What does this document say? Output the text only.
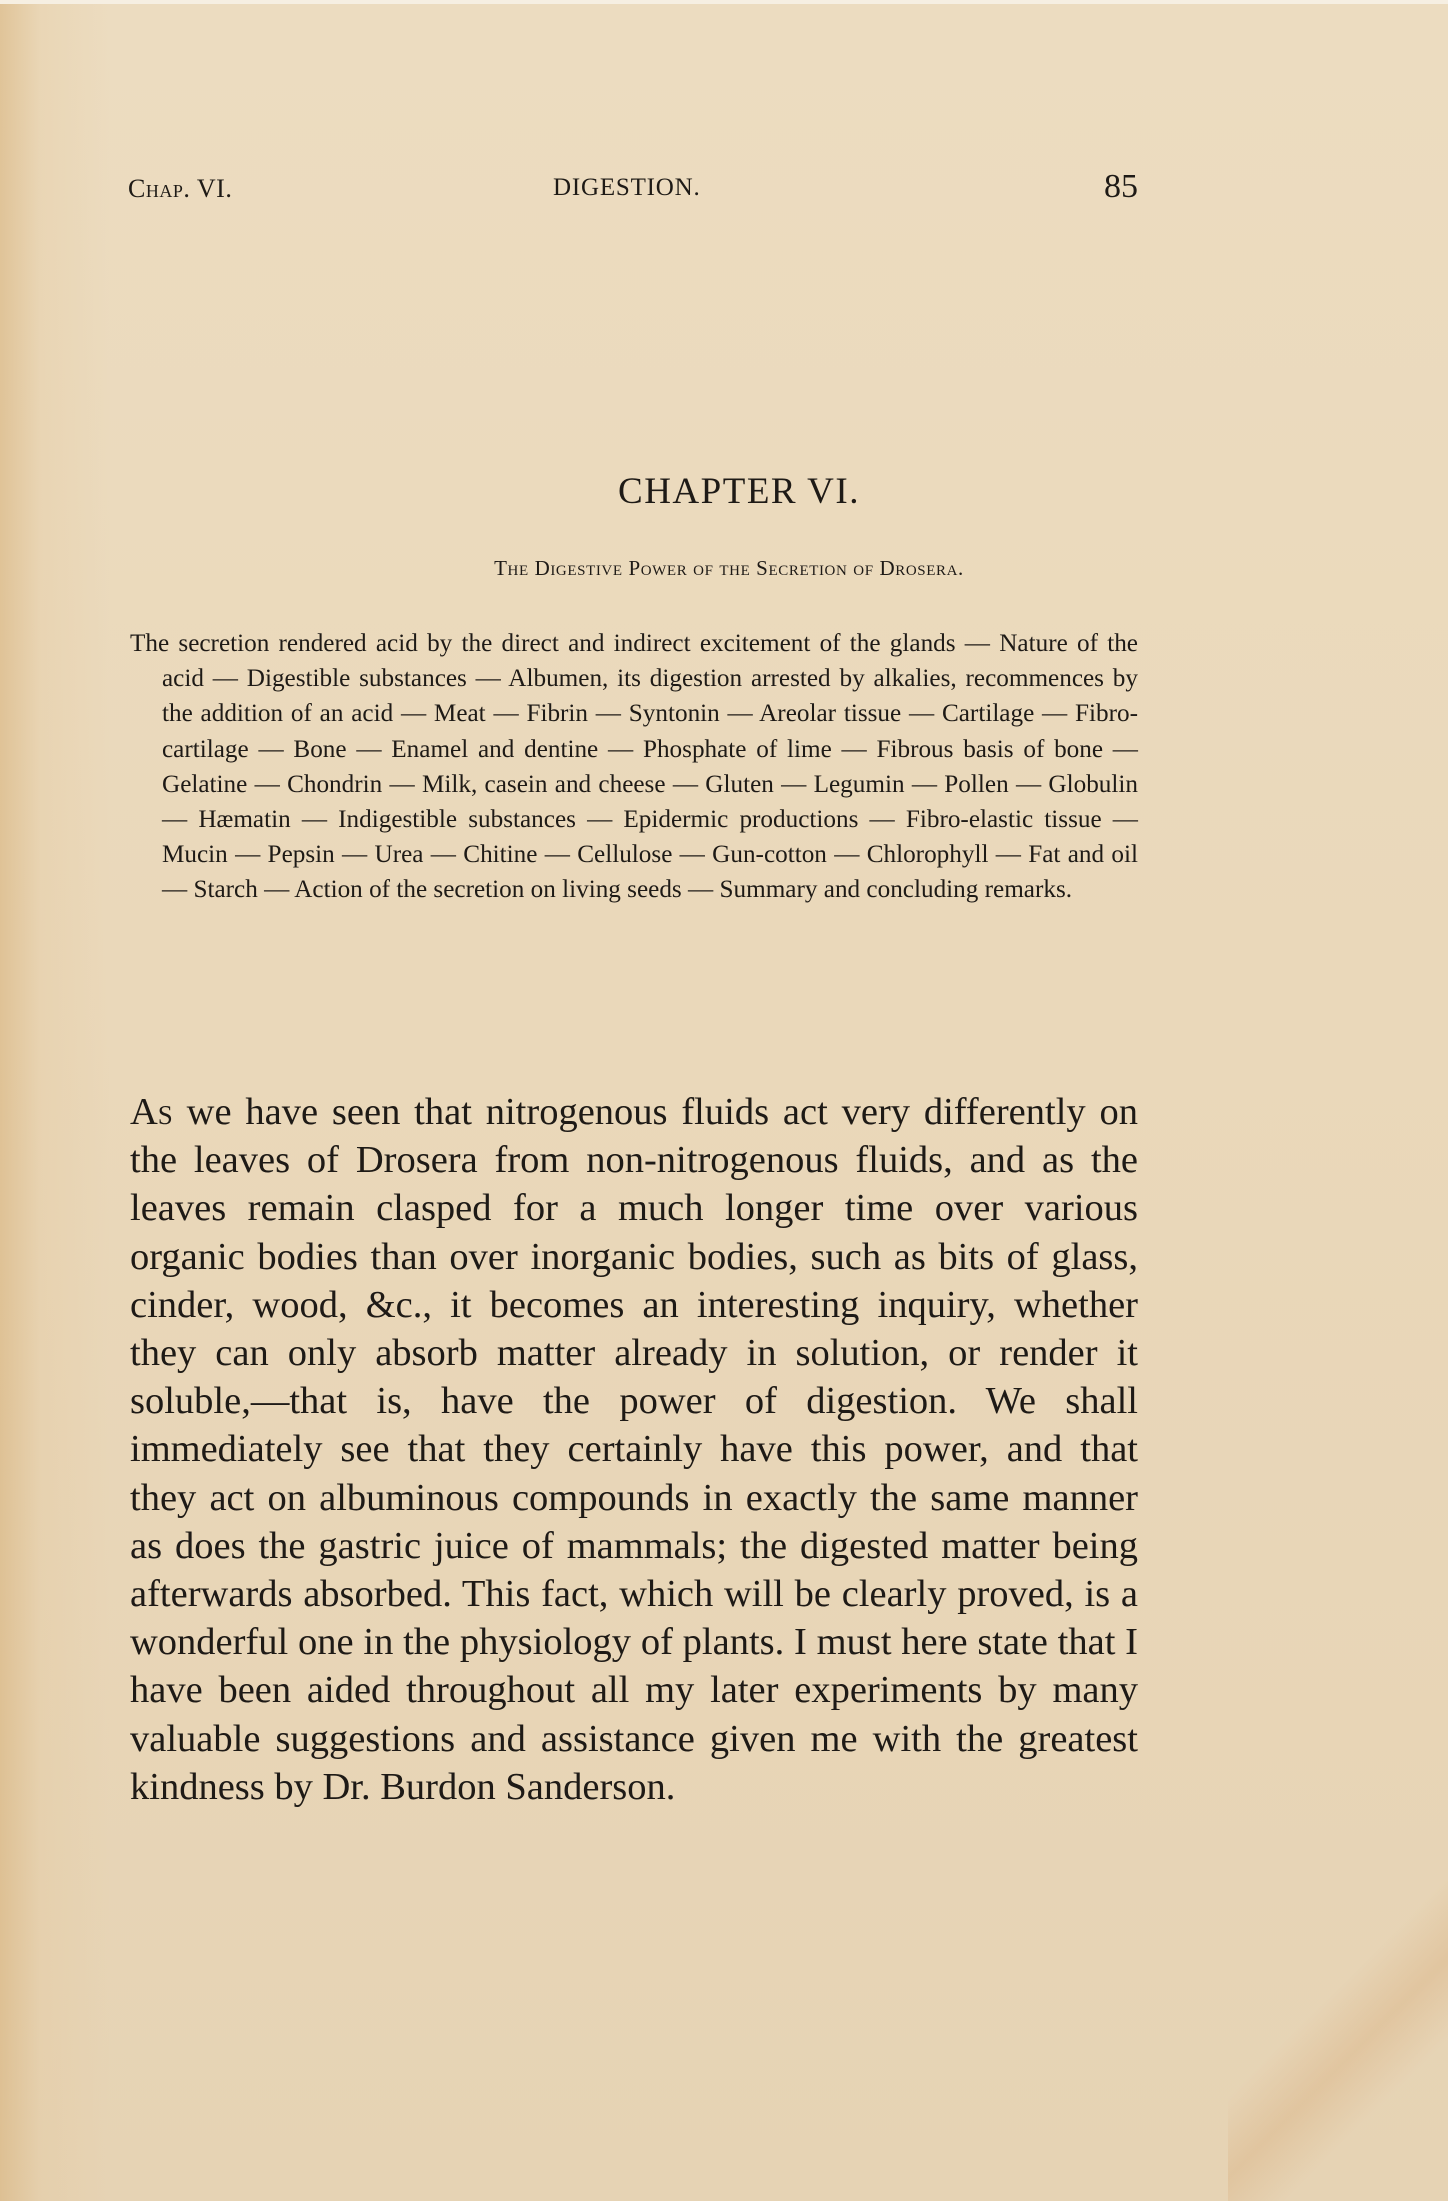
Chap. VI.	DIGESTION.	85
CHAPTER VI.
The Digestive Power of the Secretion of Drosera.

The secretion rendered acid by the direct and indirect excitement of the glands — Nature of the acid — Digestible substances — Albumen, its digestion arrested by alkalies, recommences by the addition of an acid — Meat — Fibrin — Syntonin — Areolar tissue — Cartilage — Fibro-cartilage — Bone — Enamel and dentine — Phosphate of lime — Fibrous basis of bone — Gelatine — Chondrin — Milk, casein and cheese — Gluten — Legumin — Pollen — Globulin — Hæmatin — Indigestible substances — Epidermic productions — Fibro-elastic tissue — Mucin — Pepsin — Urea — Chitine — Cellulose — Gun-cotton — Chlorophyll — Fat and oil — Starch — Action of the secretion on living seeds — Summary and concluding remarks.

As we have seen that nitrogenous fluids act very differently on the leaves of Drosera from non-nitrogenous fluids, and as the leaves remain clasped for a much longer time over various organic bodies than over inorganic bodies, such as bits of glass, cinder, wood, &c., it becomes an interesting inquiry, whether they can only absorb matter already in solution, or render it soluble,—that is, have the power of digestion. We shall immediately see that they certainly have this power, and that they act on albuminous compounds in exactly the same manner as does the gastric juice of mammals; the digested matter being afterwards absorbed. This fact, which will be clearly proved, is a wonderful one in the physiology of plants. I must here state that I have been aided throughout all my later experiments by many valuable suggestions and assistance given me with the greatest kindness by Dr. Burdon Sanderson.
